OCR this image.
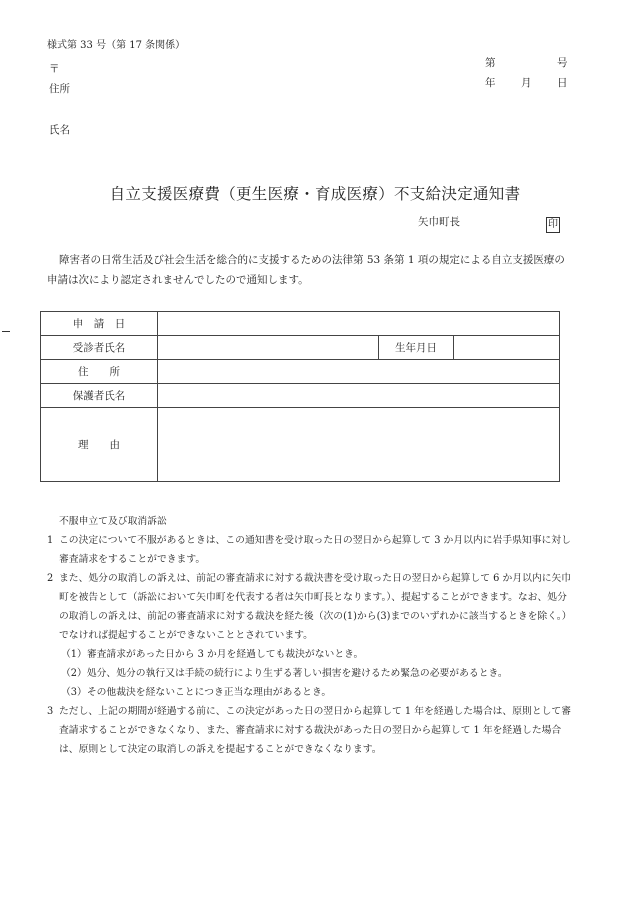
様式第 33 号（第 17 条関係）
〒
住所
氏名
第	号
年 月 日
自立支援医療費（更生医療・育成医療）不支給決定通知書
矢巾町長	印
障害者の日常生活及び社会生活を総合的に支援するための法律第 53 条第 1 項の規定による自立支援医療の申請は次により認定されませんでしたので通知します。
申　請　日			
受診者氏名		生年月日	
住　　所			
保護者氏名			
理　　由			
不服申立て及び取消訴訟
1 この決定について不服があるときは、この通知書を受け取った日の翌日から起算して 3 か月以内に岩手県知事に対し審査請求をすることができます。
2 また、処分の取消しの訴えは、前記の審査請求に対する裁決書を受け取った日の翌日から起算して 6 か月以内に矢巾町を被告として（訴訟において矢巾町を代表する者は矢巾町長となります。）、提起することができます。なお、処分の取消しの訴えは、前記の審査請求に対する裁決を経た後（次の(1)から(3)までのいずれかに該当するときを除く。）でなければ提起することができないこととされています。
（1）審査請求があった日から 3 か月を経過しても裁決がないとき。
（2）処分、処分の執行又は手続の続行により生ずる著しい損害を避けるため緊急の必要があるとき。
（3）その他裁決を経ないことにつき正当な理由があるとき。
3 ただし、上記の期間が経過する前に、この決定があった日の翌日から起算して 1 年を経過した場合は、原則として審査請求することができなくなり、また、審査請求に対する裁決があった日の翌日から起算して 1 年を経過した場合は、原則として決定の取消しの訴えを提起することができなくなります。
